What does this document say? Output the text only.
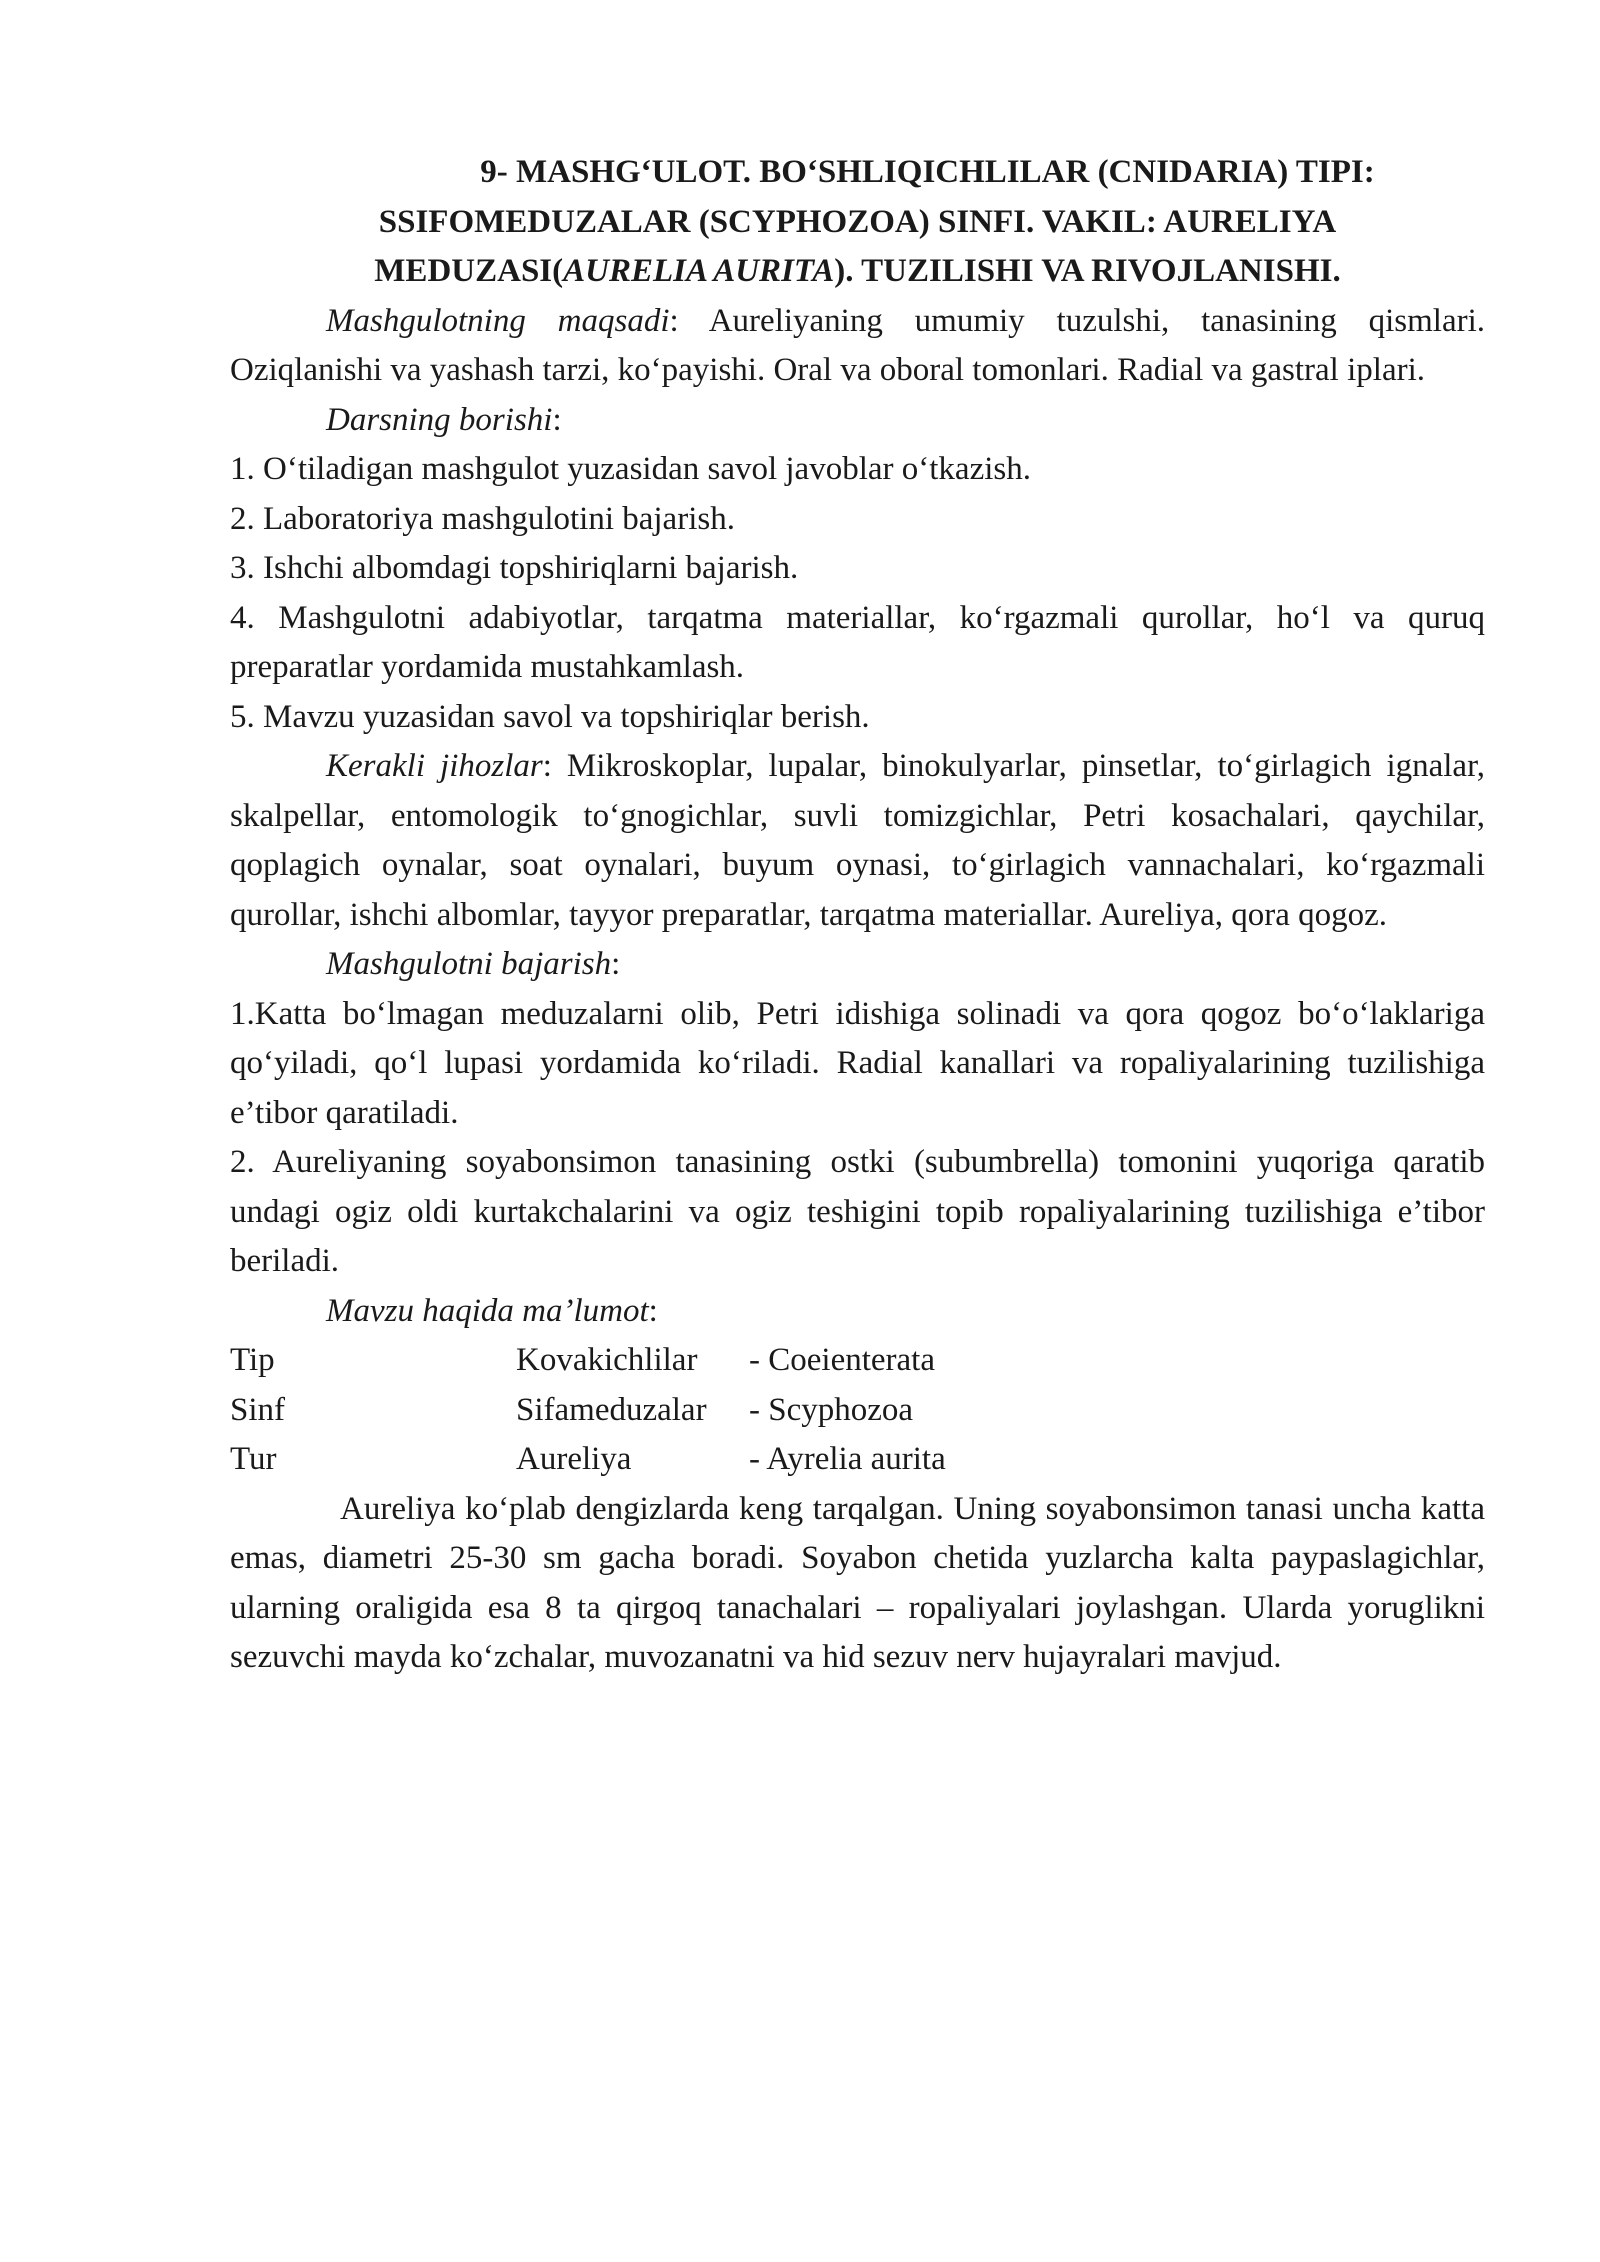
9- MASHG‘ULOT. BO‘SHLIQICHLILAR (CNIDARIA) TIPI:
SSIFOMEDUZALAR (SCYPHOZOA) SINFI. VAKIL: AURELIYA
MEDUZASI(AURELIA AURITA). TUZILISHI VA RIVOJLANISHI.

Mashgulotning maqsadi: Aureliyaning umumiy tuzulshi, tanasining qismlari. Oziqlanishi va yashash tarzi, ko‘payishi. Oral va oboral tomonlari. Radial va gastral iplari.

Darsning borishi:

1. O‘tiladigan mashgulot yuzasidan savol javoblar o‘tkazish.

2. Laboratoriya mashgulotini bajarish.

3. Ishchi albomdagi topshiriqlarni bajarish.

4. Mashgulotni adabiyotlar, tarqatma materiallar, ko‘rgazmali qurollar, ho‘l va quruq preparatlar yordamida mustahkamlash.

5. Mavzu yuzasidan savol va topshiriqlar berish.

Kerakli jihozlar: Mikroskoplar, lupalar, binokulyarlar, pinsetlar, to‘girlagich ignalar, skalpellar, entomologik to‘gnogichlar, suvli tomizgichlar, Petri kosachalari, qaychilar, qoplagich oynalar, soat oynalari, buyum oynasi, to‘girlagich vannachalari, ko‘rgazmali qurollar, ishchi albomlar, tayyor preparatlar, tarqatma materiallar. Aureliya, qora qogoz.

Mashgulotni bajarish:

1.Katta bo‘lmagan meduzalarni olib, Petri idishiga solinadi va qora qogoz bo‘o‘laklariga qo‘yiladi, qo‘l lupasi yordamida ko‘riladi. Radial kanallari va ropaliyalarining tuzilishiga e’tibor qaratiladi.

2. Aureliyaning soyabonsimon tanasining ostki (subumbrella) tomonini yuqoriga qaratib undagi ogiz oldi kurtakchalarini va ogiz teshigini topib ropaliyalarining tuzilishiga e’tibor beriladi.

Mavzu haqida ma’lumot:

Tip	Kovakichlilar	- Coeienterata
Sinf	Sifameduzalar	- Scyphozoa
Tur	Aureliya	- Ayrelia aurita

Aureliya ko‘plab dengizlarda keng tarqalgan. Uning soyabonsimon tanasi uncha katta emas, diametri 25-30 sm gacha boradi. Soyabon chetida yuzlarcha kalta paypaslagichlar, ularning oraligida esa 8 ta qirgoq tanachalari – ropaliyalari joylashgan. Ularda yoruglikni sezuvchi mayda ko‘zchalar, muvozanatni va hid sezuv nerv hujayralari mavjud.
